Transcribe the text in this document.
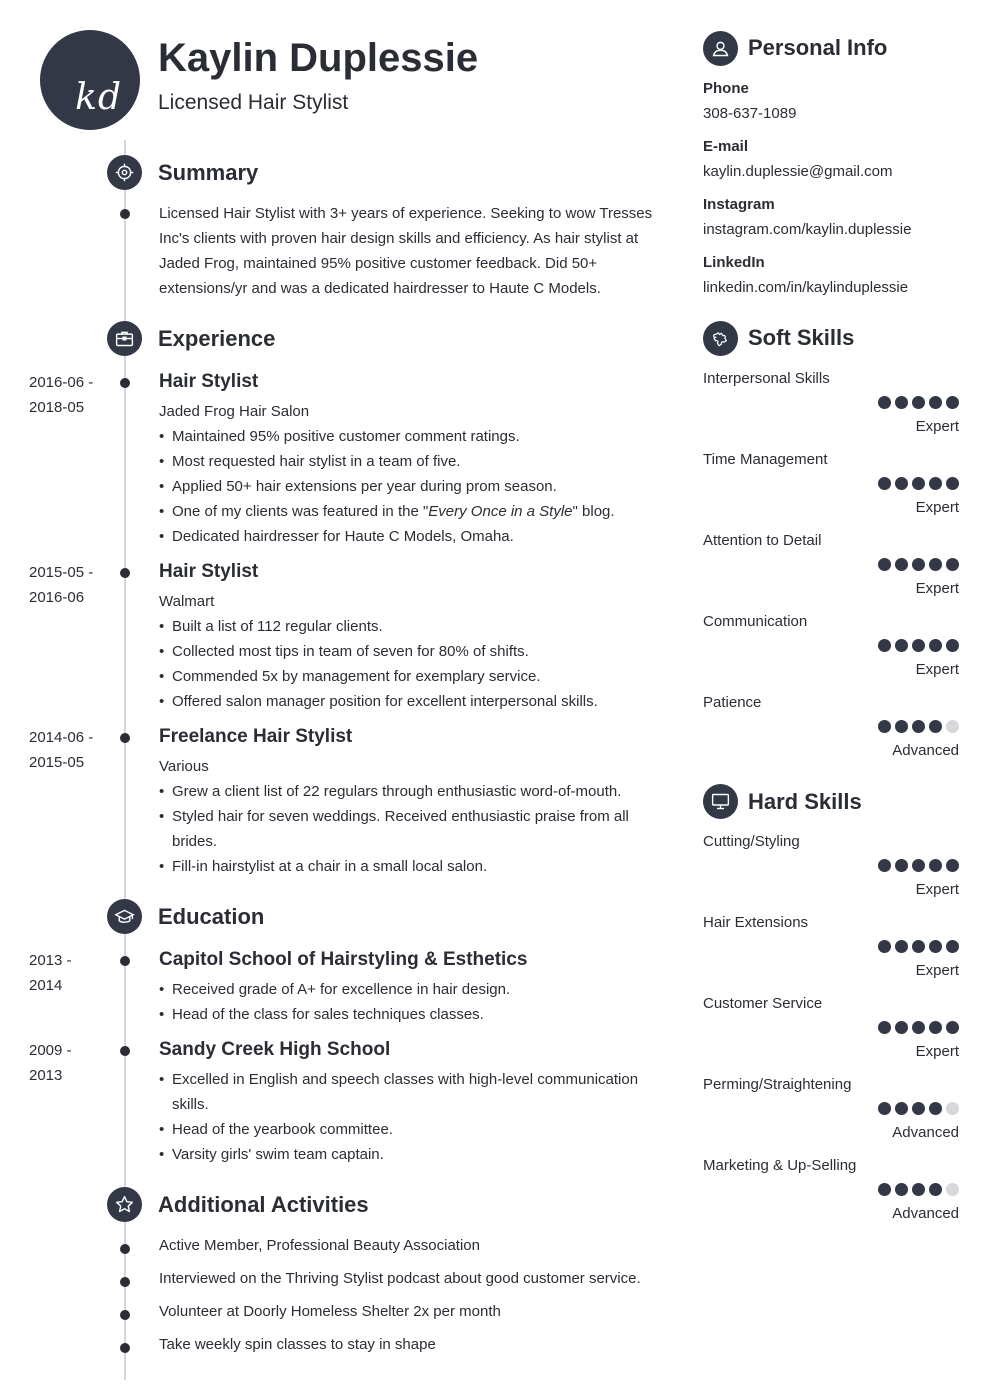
kd
Kaylin Duplessie
Licensed Hair Stylist
Summary
Licensed Hair Stylist with 3+ years of experience. Seeking to wow Tresses Inc's clients with proven hair design skills and efficiency. As hair stylist at Jaded Frog, maintained 95% positive customer feedback. Did 50+ extensions/yr and was a dedicated hairdresser to Haute C Models.
Experience
2016-06 -
2018-05
Hair Stylist
Jaded Frog Hair Salon
• Maintained 95% positive customer comment ratings.
• Most requested hair stylist in a team of five.
• Applied 50+ hair extensions per year during prom season.
• One of my clients was featured in the "Every Once in a Style" blog.
• Dedicated hairdresser for Haute C Models, Omaha.
2015-05 -
2016-06
Hair Stylist
Walmart
• Built a list of 112 regular clients.
• Collected most tips in team of seven for 80% of shifts.
• Commended 5x by management for exemplary service.
• Offered salon manager position for excellent interpersonal skills.
2014-06 -
2015-05
Freelance Hair Stylist
Various
• Grew a client list of 22 regulars through enthusiastic word-of-mouth.
• Styled hair for seven weddings. Received enthusiastic praise from all brides.
• Fill-in hairstylist at a chair in a small local salon.
Education
2013 -
2014
Capitol School of Hairstyling & Esthetics
• Received grade of A+ for excellence in hair design.
• Head of the class for sales techniques classes.
2009 -
2013
Sandy Creek High School
• Excelled in English and speech classes with high-level communication skills.
• Head of the yearbook committee.
• Varsity girls' swim team captain.
Additional Activities
Active Member, Professional Beauty Association
Interviewed on the Thriving Stylist podcast about good customer service.
Volunteer at Doorly Homeless Shelter 2x per month
Take weekly spin classes to stay in shape
Personal Info
Phone
308-637-1089
E-mail
kaylin.duplessie@gmail.com
Instagram
instagram.com/kaylin.duplessie
LinkedIn
linkedin.com/in/kaylinduplessie
Soft Skills
Interpersonal Skills
Expert
Time Management
Expert
Attention to Detail
Expert
Communication
Expert
Patience
Advanced
Hard Skills
Cutting/Styling
Expert
Hair Extensions
Expert
Customer Service
Expert
Perming/Straightening
Advanced
Marketing & Up-Selling
Advanced
